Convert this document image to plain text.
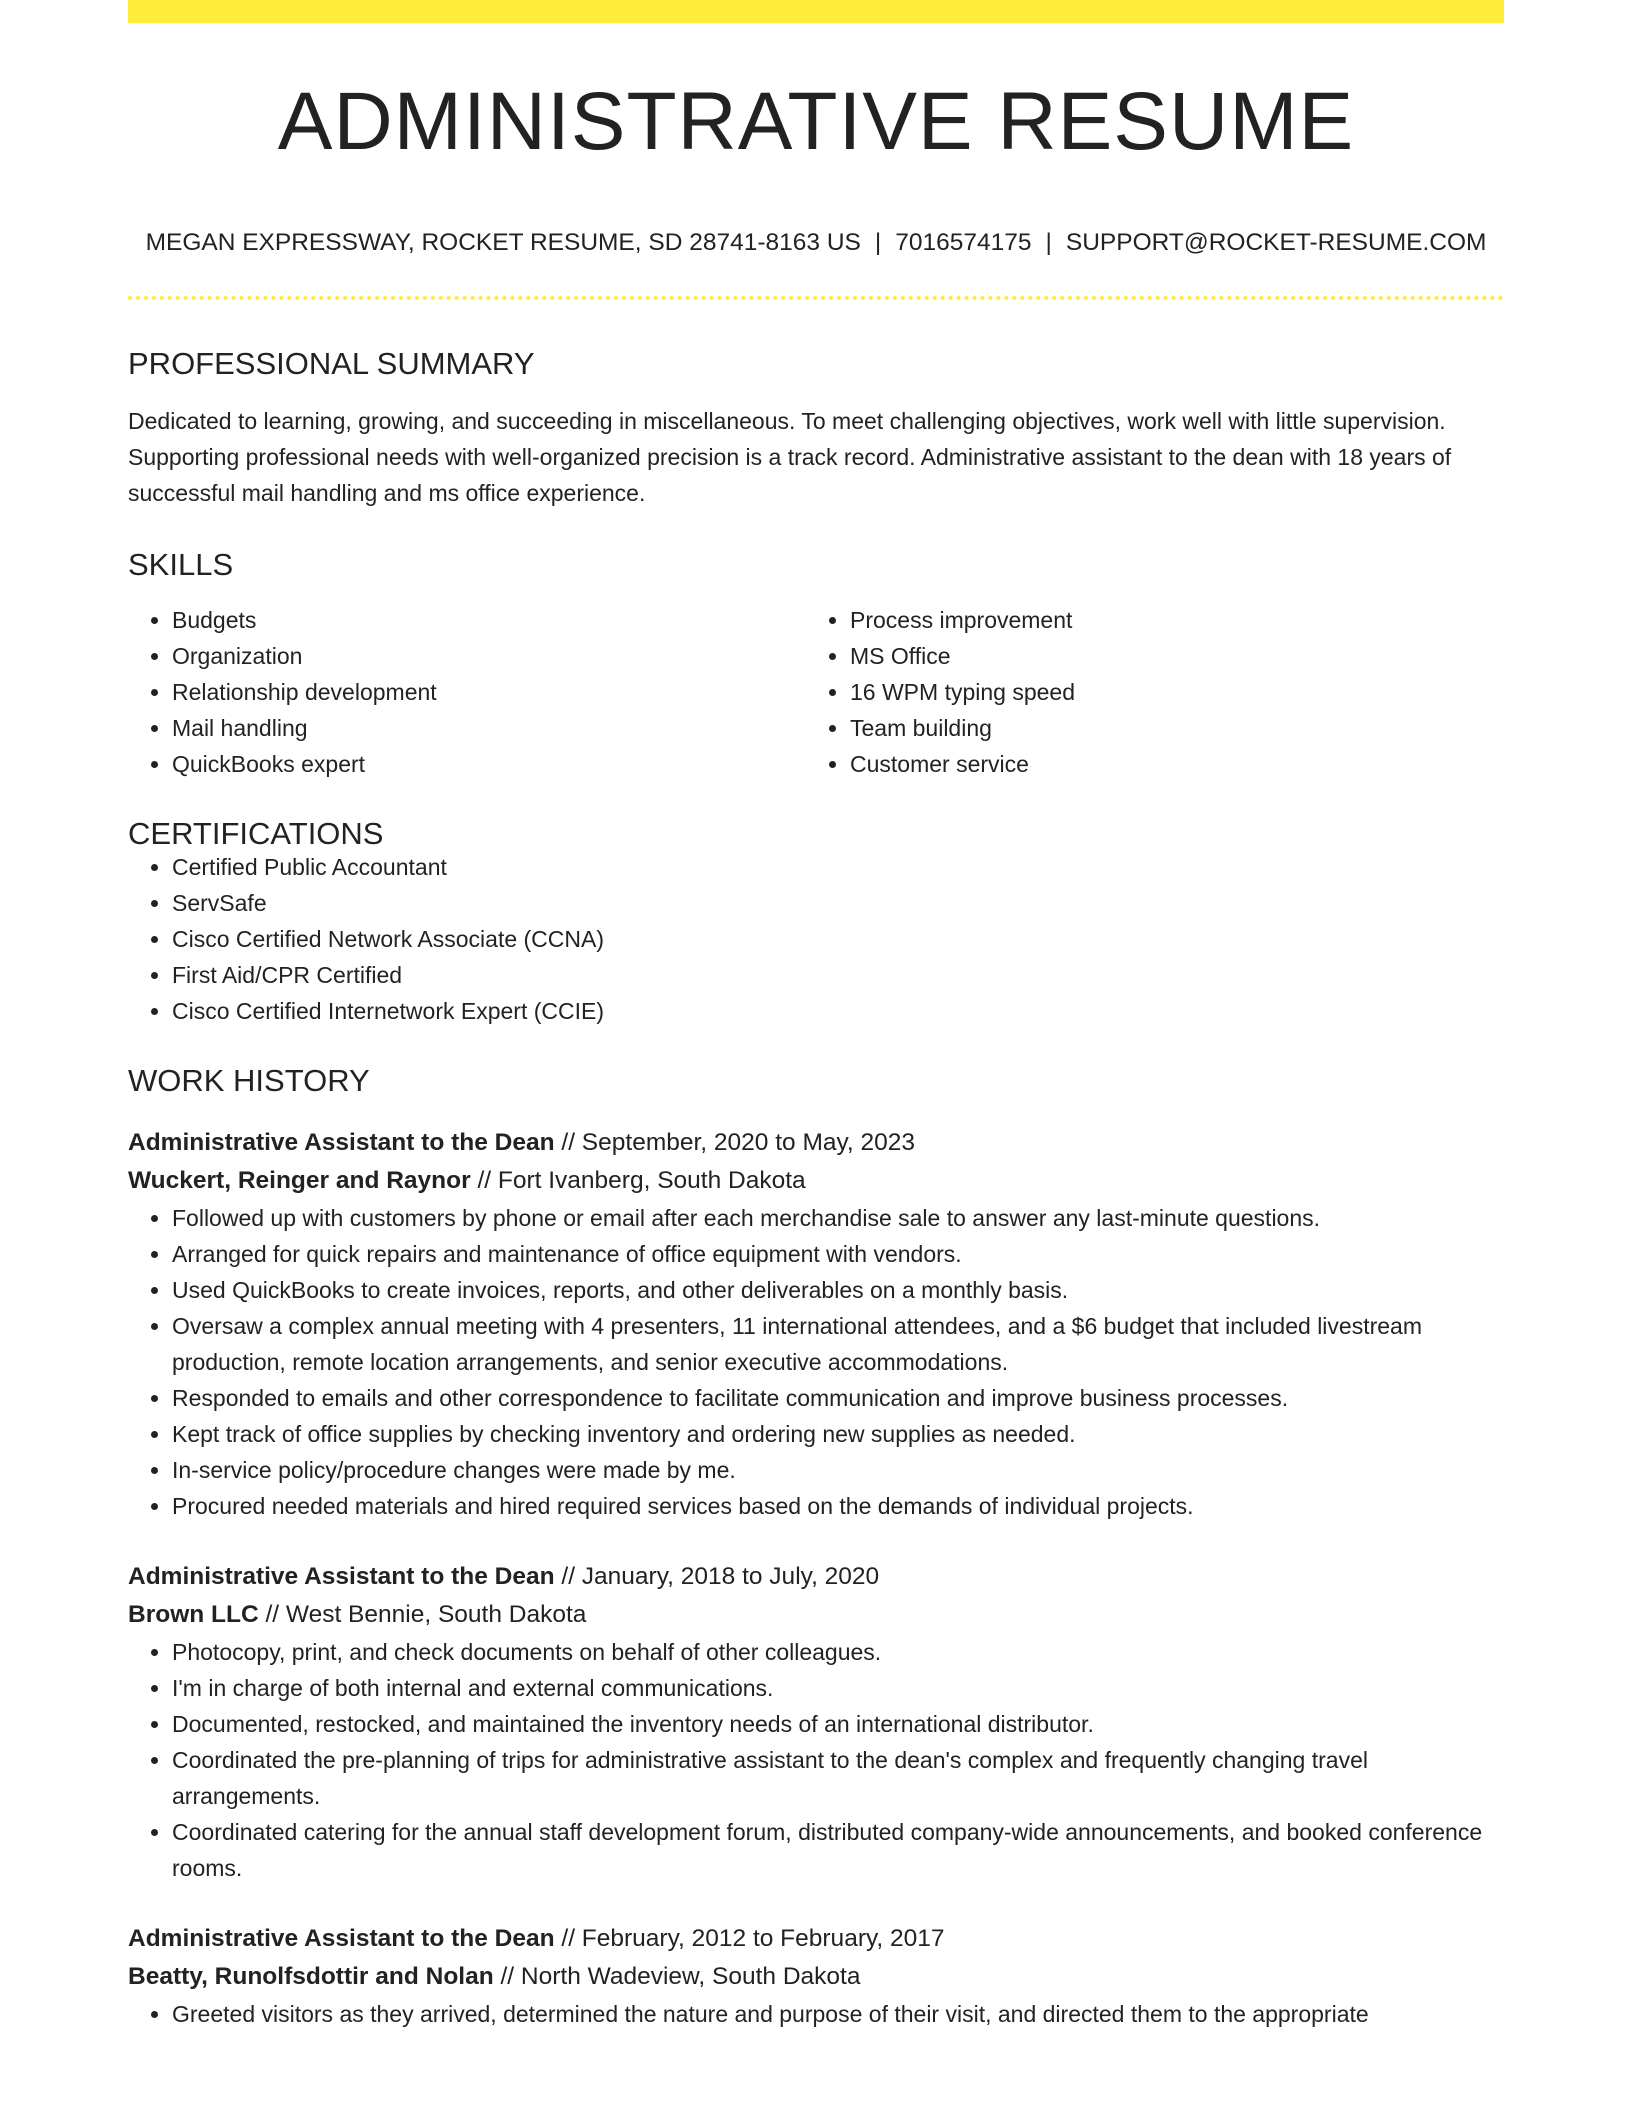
ADMINISTRATIVE RESUME
MEGAN EXPRESSWAY, ROCKET RESUME, SD 28741-8163 US | 7016574175 | SUPPORT@ROCKET-RESUME.COM
PROFESSIONAL SUMMARY

Dedicated to learning, growing, and succeeding in miscellaneous. To meet challenging objectives, work well with little supervision. Supporting professional needs with well-organized precision is a track record. Administrative assistant to the dean with 18 years of successful mail handling and ms office experience.

SKILLS
• Budgets
• Organization
• Relationship development
• Mail handling
• QuickBooks expert
• Process improvement
• MS Office
• 16 WPM typing speed
• Team building
• Customer service
CERTIFICATIONS
• Certified Public Accountant
• ServSafe
• Cisco Certified Network Associate (CCNA)
• First Aid/CPR Certified
• Cisco Certified Internetwork Expert (CCIE)
WORK HISTORY
Administrative Assistant to the Dean // September, 2020 to May, 2023
Wuckert, Reinger and Raynor // Fort Ivanberg, South Dakota
• Followed up with customers by phone or email after each merchandise sale to answer any last-minute questions.
• Arranged for quick repairs and maintenance of office equipment with vendors.
• Used QuickBooks to create invoices, reports, and other deliverables on a monthly basis.
• Oversaw a complex annual meeting with 4 presenters, 11 international attendees, and a $6 budget that included livestream production, remote location arrangements, and senior executive accommodations.
• Responded to emails and other correspondence to facilitate communication and improve business processes.
• Kept track of office supplies by checking inventory and ordering new supplies as needed.
• In-service policy/procedure changes were made by me.
• Procured needed materials and hired required services based on the demands of individual projects.
Administrative Assistant to the Dean // January, 2018 to July, 2020
Brown LLC // West Bennie, South Dakota
• Photocopy, print, and check documents on behalf of other colleagues.
• I'm in charge of both internal and external communications.
• Documented, restocked, and maintained the inventory needs of an international distributor.
• Coordinated the pre-planning of trips for administrative assistant to the dean's complex and frequently changing travel arrangements.
• Coordinated catering for the annual staff development forum, distributed company-wide announcements, and booked conference rooms.
Administrative Assistant to the Dean // February, 2012 to February, 2017
Beatty, Runolfsdottir and Nolan // North Wadeview, South Dakota
• Greeted visitors as they arrived, determined the nature and purpose of their visit, and directed them to the appropriate
